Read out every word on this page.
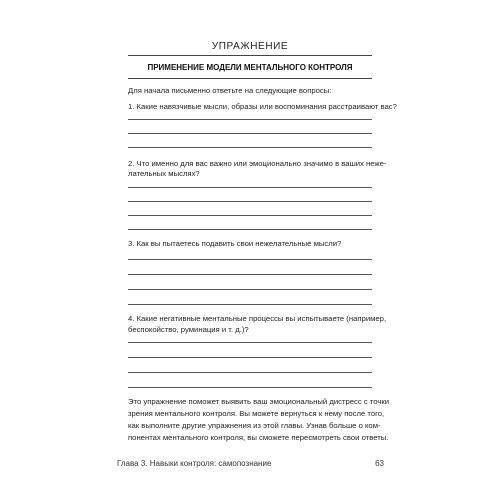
УПРАЖНЕНИЕ
ПРИМЕНЕНИЕ МОДЕЛИ МЕНТАЛЬНОГО КОНТРОЛЯ
Для начала письменно ответьте на следующие вопросы:
1. Какие навязчивые мысли, образы или воспоминания расстраивают вас?
2. Что именно для вас важно или эмоционально значимо в ваших нежe-
лательных мыслях?
3. Как вы пытаетесь подавить свои нежелательные мысли?
4. Какие негативные ментальные процессы вы испытываете (например,
беспокойство, руминация и т. д.)?
Это упражнение поможет выявить ваш эмоциональный дистресс с точки
зрения ментального контроля. Вы можете вернуться к нему после того,
как выполните другие упражнения из этой главы. Узнав больше о ком-
понентах ментального контроля, вы сможете пересмотреть свои ответы.
Глава 3. Навыки контроля: самопознание	63
